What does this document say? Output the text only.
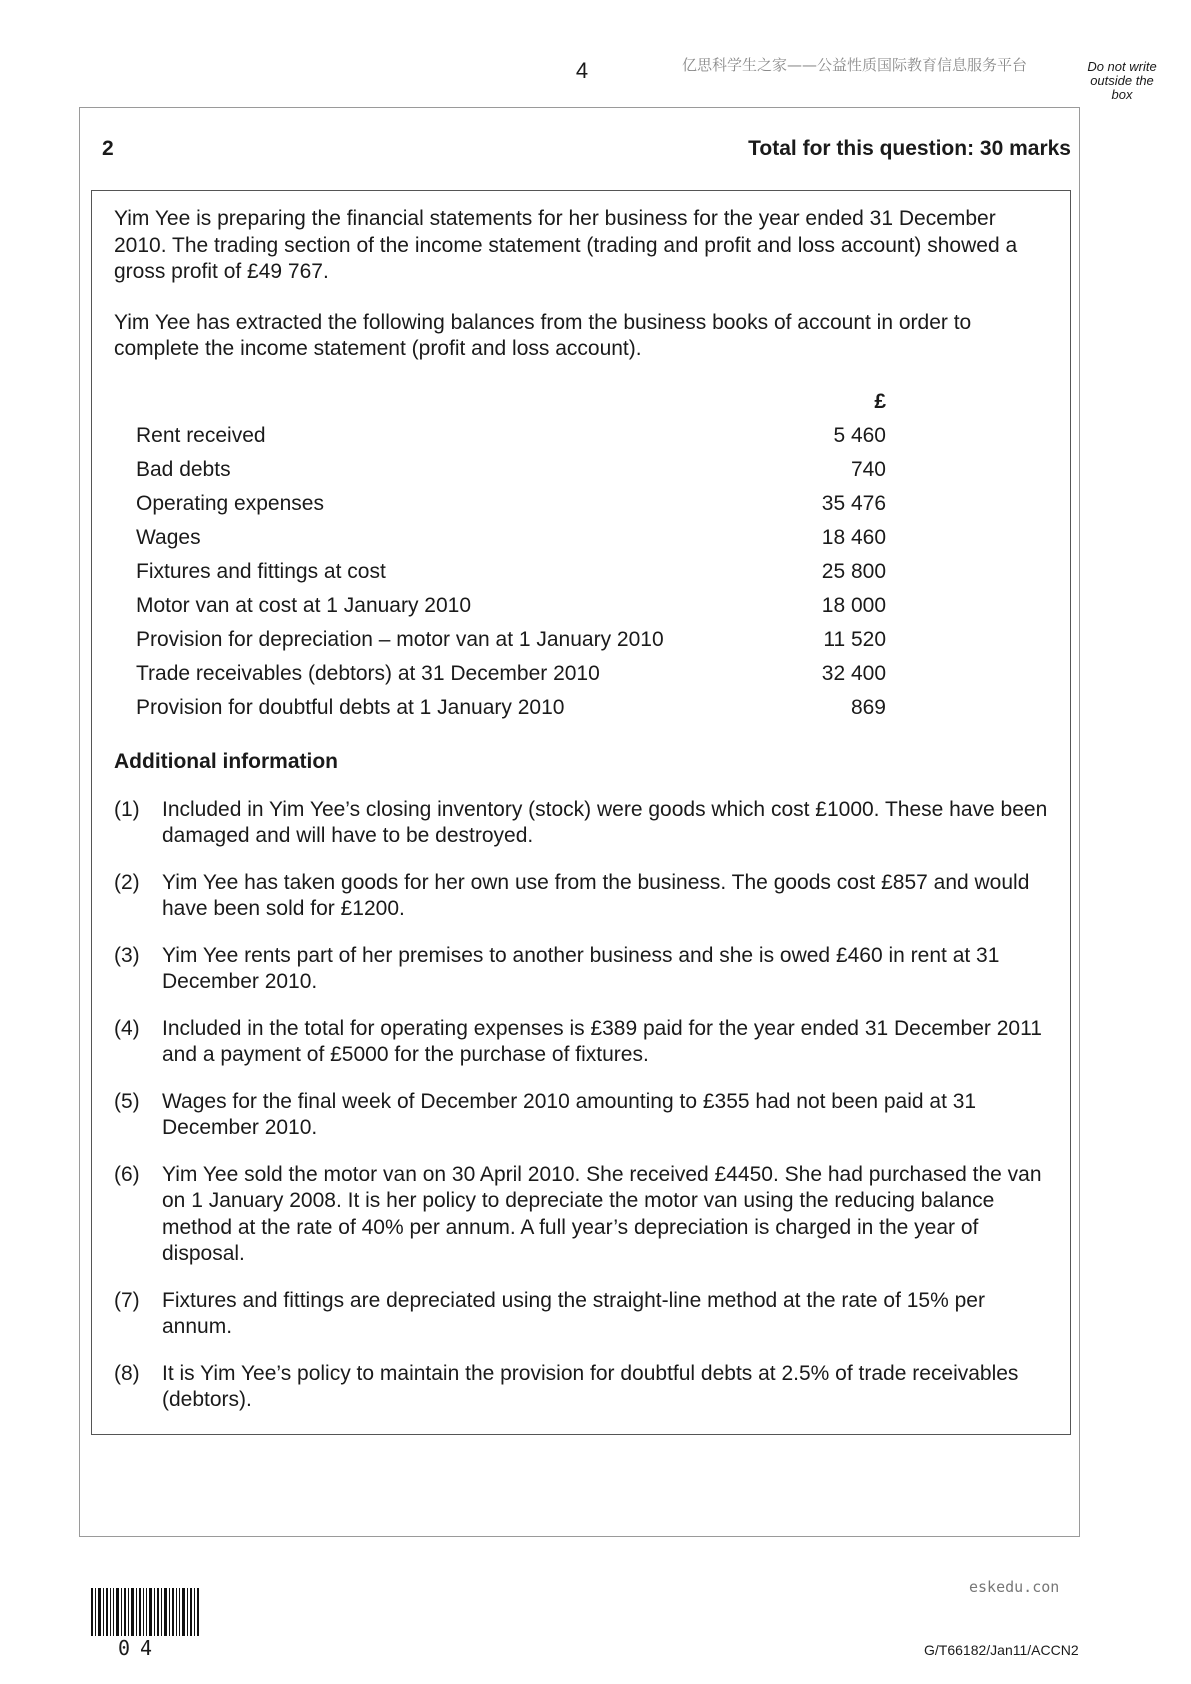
4	亿思科学生之家——公益性质国际教育信息服务平台	Do not write outside the box
2	Total for this question: 30 marks

Yim Yee is preparing the financial statements for her business for the year ended 31 December 2010. The trading section of the income statement (trading and profit and loss account) showed a gross profit of £49 767.

Yim Yee has extracted the following balances from the business books of account in order to complete the income statement (profit and loss account).

£
Rent received	5 460
Bad debts	740
Operating expenses	35 476
Wages	18 460
Fixtures and fittings at cost	25 800
Motor van at cost at 1 January 2010	18 000
Provision for depreciation – motor van at 1 January 2010	11 520
Trade receivables (debtors) at 31 December 2010	32 400
Provision for doubtful debts at 1 January 2010	869
Additional information
(1)	Included in Yim Yee’s closing inventory (stock) were goods which cost £1000. These have been damaged and will have to be destroyed.
(2)	Yim Yee has taken goods for her own use from the business. The goods cost £857 and would have been sold for £1200.
(3)	Yim Yee rents part of her premises to another business and she is owed £460 in rent at 31 December 2010.
(4)	Included in the total for operating expenses is £389 paid for the year ended 31 December 2011 and a payment of £5000 for the purchase of fixtures.
(5)	Wages for the final week of December 2010 amounting to £355 had not been paid at 31 December 2010.
(6)	Yim Yee sold the motor van on 30 April 2010. She received £4450. She had purchased the van on 1 January 2008. It is her policy to depreciate the motor van using the reducing balance method at the rate of 40% per annum. A full year’s depreciation is charged in the year of disposal.
(7)	Fixtures and fittings are depreciated using the straight-line method at the rate of 15% per annum.
(8)	It is Yim Yee’s policy to maintain the provision for doubtful debts at 2.5% of trade receivables (debtors).
eskedu.con
04	G/T66182/Jan11/ACCN2
